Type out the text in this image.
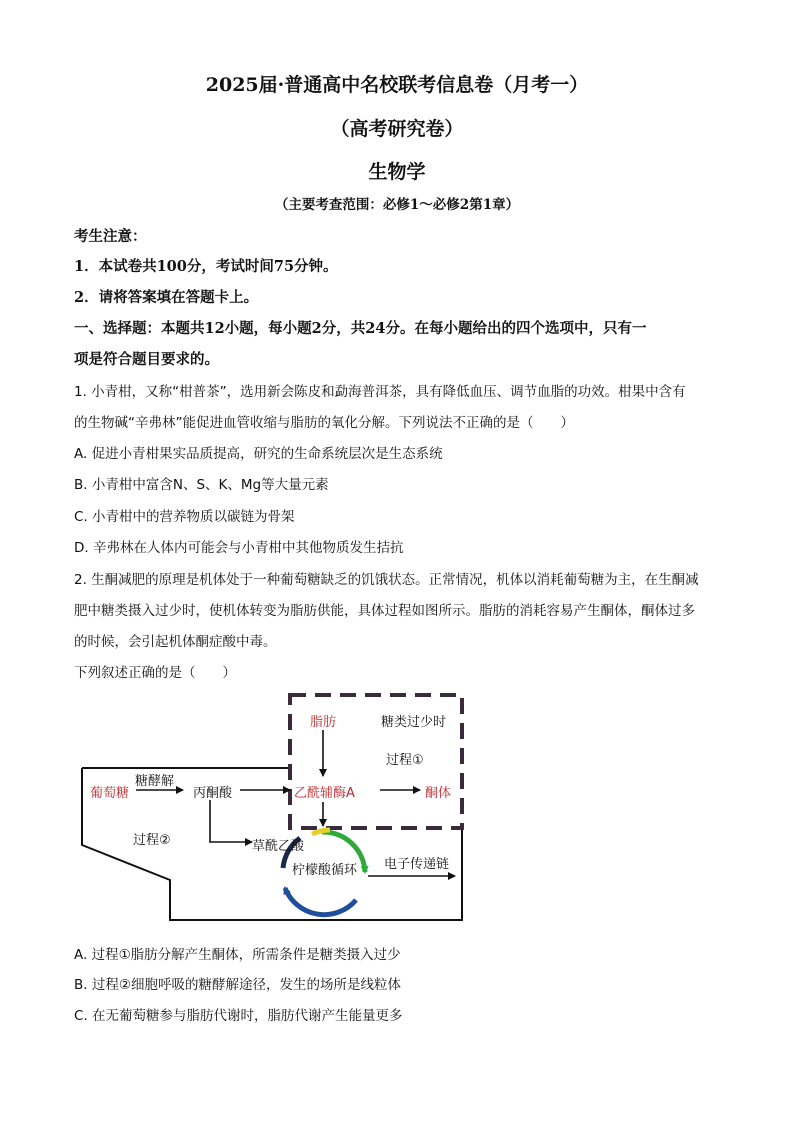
2025届·普通高中名校联考信息卷（月考一）
（高考研究卷）
生物学
（主要考查范围：必修1～必修2第1章）
考生注意：
1．本试卷共100分，考试时间75分钟。
2．请将答案填在答题卡上。
一、选择题：本题共12小题，每小题2分，共24分。在每小题给出的四个选项中，只有一
项是符合题目要求的。
1. 小青柑，又称“柑普茶”，选用新会陈皮和勐海普洱茶，具有降低血压、调节血脂的功效。柑果中含有
的生物碱“辛弗林”能促进血管收缩与脂肪的氧化分解。下列说法不正确的是（　　）
A. 促进小青柑果实品质提高，研究的生命系统层次是生态系统
B. 小青柑中富含N、S、K、Mg等大量元素
C. 小青柑中的营养物质以碳链为骨架
D. 辛弗林在人体内可能会与小青柑中其他物质发生拮抗
2. 生酮减肥的原理是机体处于一种葡萄糖缺乏的饥饿状态。正常情况，机体以消耗葡萄糖为主，在生酮减
肥中糖类摄入过少时，使机体转变为脂肪供能，具体过程如图所示。脂肪的消耗容易产生酮体，酮体过多
的时候，会引起机体酮症酸中毒。
下列叙述正确的是（　　）
脂肪	糖类过少时
过程①
糖酵解
葡萄糖	丙酮酸	乙酰辅酶A	酮体
过程②	草酰乙酸
柠檬酸循环 电子传递链
A. 过程①脂肪分解产生酮体，所需条件是糖类摄入过少
B. 过程②细胞呼吸的糖酵解途径，发生的场所是线粒体
C. 在无葡萄糖参与脂肪代谢时，脂肪代谢产生能量更多
